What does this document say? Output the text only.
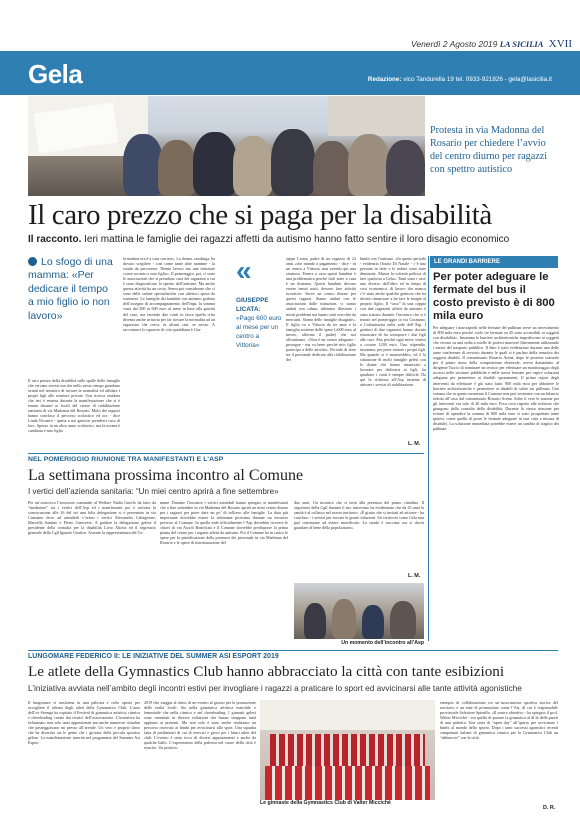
Venerdì 2 Agosto 2019 LA SICILIA XVII
Gela	Redazione: vico Tandurella 19 tel. 0933-921826 - gela@lasicilia.it
Protesta in via Madonna del Rosario per chiedere l’avvio del centro diurno per ragazzi con spettro autistico
Il caro prezzo che si paga per la disabilità
Il racconto. Ieri mattina le famiglie dei ragazzi affetti da autismo hanno fatto sentire il loro disagio economico
Lo sfogo di una mamma: «Per dedicare il tempo a mio figlio io non lavoro»
Il caro prezzo della disabilità sulle spalle delle famiglie che cercano servizi ma che nello stesso tempo guardano avanti nel tentativo di trovare la normalità ed affidare i propri figli alle strutture private. Una ricerca ossidata che ieri è emersa durante la manifestazione che si è tenuta davanti ai locali del centro di riabilitazione sanitaria di via Madonna del Rosario. Molti dei ragazzi hanno concluso il percorso scolastico ed ora - dice Linda Nicastro - spetta a noi genitori prenderci cura di loro. Spesso in un altro anno scolastico, ma la norma è cambiata e mio figlio
la mattina ora è a casa con me». La donna, casalinga, ha dovuto scegliere - così come tante altre mamme - la strada da percorrere. Niente lavoro ma una missione «stare accanto a mio figlio». Il pomeriggio, poi, ci sono le associazioni che si prendono cura dei ragazzini a cui è stato diagnosticato lo spettro dell’autismo. Ma anche questa attività ha un costo. Senza poi considerare che ci sono delle sedute specialistiche con ulteriori spese da sostenere. Le famiglie dei bambini con autismo godono dell’assegno di accompagnamento dell’Inps, la somma varia dai 300 ai 600 euro al mese in base alla gravità del caso, ma facendo due conti in tasca quella cifra diventa anche irrisoria per far trovare la normalità ad un ragazzino che cerca, in alcuni casi, se stesso. A raccontarci lo squarcio di vita quotidiana è Giu-
«
GIUSEPPE LICATA:
«Pago 600 euro al mese per un centro a Vittoria»
seppe Licata, padre di un ragazzo di 22 anni «che mando a pagamento - dice - in un centro a Vittoria, non avendo qui una struttura. Tenere a casa questi bambini è una problematica perché farli stare a casa è un dramma. Questi bambini devono essere tenuti uniti, devono fare attività ricreative. Serve un centro diurno per questi ragazzi. Siamo andati con le associazioni dalle istituzioni, ci siamo andati con calma, abbiamo illustrato i nostri problemi ma hanno tutti orecchie da mercanti. Siamo delle famiglie disagiate». Il figlio va a Vittoria da tre anni e la famiglia sostiene delle spese («600 euro al mese», afferma il padre) che noi affrontiamo. «Non è un centro adeguato - prosegue - ma va bene perché mio figlio partecipa a delle attività». Periodo di ferie tra il personale dedicato alla riabilitazione dei
bimbi con l’autismo. «In questo periodo - evidenzia Orazio Di Natale - c’è una persona in ferie e le sedute sono state diminuite. Manca la volontà politica di fare qualcosa a Gela». Tanti sono i casi, uno diverso dall’altro ed in tempi di crisi economica, di lavoro che manca c’è stato anche qualche genitore che ha dovuto rinunciare a far fare le terapie al proprio figlio. Il “caso” di una coppia con due ragazzini affetti da autismo è stato trattato durante l’incontro che si è tenuto nel pomeriggio in via Cusmano, a Caltanissetta nella sede dell’Asp. I genitori di due ragazzini hanno dovuto rinunciare di far sottoporre i due figli alle cure Aba perché ogni mese veniva a costare 1200 euro. Uno stipendio, insomma, per poter aiutare i propri figli. Ma quando si è monoreddito, ed è la situazione di molti famiglie gelesi con le donne che hanno rinunciato a lavorare per dedicarsi ai figli, far quadrare i conti è sempre difficile. Da qui la richiesta all’Asp insieme di attivare i servizi di riabilitazione.
L. M.
LE GRANDI BARRIERE
Per poter adeguare le fermate del bus il costo previsto è di 800 mila euro
Per adeguare i marciapiedi nelle fermate del pullman serve un investimento di 800 mila euro perché «solo tre fermate su 45 sono accessibili ai soggetti con disabilità». Insomma le barriere architettoniche impediscono ai soggetti che vivono su una sedia a rotelle di potersi muovere liberamente utilizzando i mezzi del trasporto pubblico. Il dato è stato evidenziato durante una delle tante conferenze di servizio durante le quali si è parlato della tematica dei soggetti disabili. Il commissario Rosario Arena, dopo le proteste scaturite per il primo turno della competizione elettorale, aveva domandato al dirigente Taccio di nominare un tecnico per effettuare un monitoraggio degli accessi nelle strutture pubbliche e nelle stesse fermate per capire soluzioni adeguate per permettere ai disabili spostamenti. Il primo report degli interventi da effettuare è già stato fatto: 800 mila euro per abbattere le barriere architettoniche e permettere ai disabili di salire sui pullman. Una somma che in questo momento il Comune non può sostenere con un bilancio ridotto all’osso dal commissario Rosario Arena. Adire il vero le somme per gli interventi ora solo di 20 mila euro. Poca cosa rispetto alle richieste che giungono dalla consulta della disabilità. Durante la stessa riunione per evitare di spendere la somma di 800 mila euro si sono prospettate tante ipotesi, come quella di porre le fermate adeguate in una città a misura di disabile). La soluzione immediata potrebbe essere un cambio di tragitto dei pullman
NEL POMERIGGIO RIUNIONE TRA MANIFESTANTI E L’ASP
La settimana prossima incontro al Comune
I vertici dell’azienda sanitaria: “Un miei centro aprirà a fine settembre»
Per un’oraccirca l’assessore comunale al Welfare Nadia Gnoffo ha fatto da “mediatore” tra i vertici dell’Asp ed i manifestanti poi è arrivata la convocazione alle 16 del sei una folta delegazione si è presentata in via Cusmano dove ad attenderli c’erano i vertici Alessandro Caltagirone, Marcella Santino e Pietro Genovese. A guidare la delegazione gelese il presidente della consulta per la disabilità Livio Aliotta ed il segretario generale della Cgil Ignazio Giudice. Assente la rappresentanza del Co-
mune. Durante l’incontro i vertici aziendali hanno spiegato ai manifestanti che a fine settembre in via Madonna del Rosario aprirà un mini centro diurno per i ragazzi per poter dare un po’ di sollievo alle famiglie. La data più importante dovrebbe essere la settimana prossima durante un incontro previsto al Comune. In quella sede ufficialmente l’Asp dovrebbe ricevere le chiavi di via Ascoli Bonificati e il Comune dovrebbe predisporre la prima pianta del centro per i ragazzi affetti da autismo. Poi il Comune ha in carico le spese per la pianificazione della presenza dei personale in via Madonna del Rosario e le opere di ristrutturazione del
due anni. Un incontro che si terrà alla presenza del primo cittadino. Il segretario della Cgil durante il suo intervento ha evidenziato che da 25 anni la sanità è al collasso nel nostro territorio. «È giusto che si invitati ad attivare - ha concluso - i servizi per trovare le giuste soluzioni. Un territorio come Gela non può continuare ad essere mortificato. La strada è tracciata ora si dovrà guardare al bene della popolazione».
L. M.
Un momento dell’incontro all’Asp
LUNGOMARE FEDERICO II: LE INIZIATIVE DEL SUMMER ASI ESPORT 2019
Le atlete della Gymnastics Club hanno abbracciato la città con tante esibizioni
L’iniziativa avviata nell’ambito degli incontri estivi per invogliare i ragazzi a praticare lo sport ed avvicinarsi alle tante attività agonistiche
Il lungomare si trasforma in una palestra e cielo aperto per accogliere il talento degli atleti della Gymnastics Club. L’area dell’ex Sirenga ha ospitato il Festival di ginnastica artistica, ritmica e cheerleading curato dai tecnici dell’associazione. L’iniziativa ha richiamato non solo tanti appassionati ma anche numerosi cittadini che passeggiavano mi presso all’arenile. Un vero e proprio show che ha divertito sia le gente che i giovani della piccola sportiva gelese. La manifestazione inserita nel programma del Summer Asi Esport
2019 che viaggia al ritmo di un evento al giorno per la promozione delle realtà locali. Sia nella ginnastica artistica maschile e femminile che nella ritmica e nel cheerleading. I ginnasti gelesi sono cimentati in diverse esibizioni che hanno strappato tanti applausi ai presenti. Ma non solo è stato anche realizzato un percorso riservato ai bimbi per avvicinarsi allo sport. Una squadra fatta di preliminari di cui di esercizi e gioco per i futuri atleti del club. L’evento è stato ricco di diversi appuntamenti e anche da qualche ballo. L’esperimento della palestra nel cuore della città è riuscito. Un positivo
Le ginnaste della Gymnastics Club di Valter Micciché
esempio di collaborazione tra un’associazione sportiva storica del territorio e un ente di promozione come l’Asi, di cui è responsabile provinciale Salvatore Spinello. «Il nostro obiettivo - ha spiegato il prof. Walter Micciché - era quello di portare la ginnastica al di là delle pareti di una palestra. Una sorta di “open day” all’aperto per avvicinare i bimbi al mondo dello sporto. Dopo i tanti successi agonistici recenti campionati italiani di ginnastica ritmica per la Gymnastics Club un “abbraccio” con la città.
D. R.
